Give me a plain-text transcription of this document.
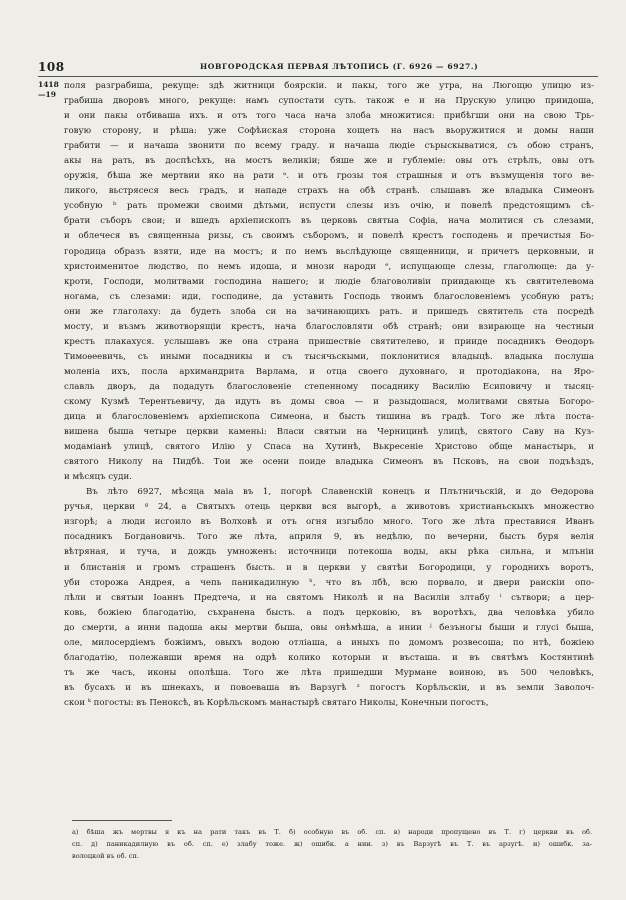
108	НОВГОРОДСКАЯ ПЕРВАЯ ЛѢТОПИСЬ (Г. 6926 — 6927.)
1418
—19
поля разграбиша, рекуще: здѣ житници боярскіи. и пакы, того же утра, на Люгощю улицю из-
грабиша дворовъ много, рекуще: намъ супостати суть. також е и на Прускую улицю приидоша,
и они пакы отбиваша ихъ. и отъ того часа нача злоба множитися: прибѣгши они на свою Трь-
говую сторону, и рѣша: уже Софѣиская сторона хощеть на насъ вьоружитися и домы наши
грабити — и начаша звонити по всему граду. и начаша людіе сърыскыватися, съ обою странъ,
акы на рать, въ доспѣсѣхъ, на мостъ великіи; бяше же и гублеміе: овы отъ стрѣлъ, овы отъ
оружія, бѣша же мертвии яко на рати ᵃ. и отъ грозы тоя страшныя и отъ възмущенія того ве-
ликого, вьстрясеся весь градъ, и нападе страхъ на обѣ странѣ. слышавъ же владыка Симеонъ
усобную ᵇ рать промежи своими дѣтьми, испусти слезы изъ очію, и повелѣ предстоящимъ сѣ-
брати съборъ свои; и вшедъ архіепископъ въ церковь святыа Софіа, нача молитися съ слезами,
и облечеся въ священныа ризы, съ своимъ съборомъ, и повелѣ крестъ господень и пречистыя Бо-
городица образъ взяти, иде на мостъ; и по немъ вьслѣдующе священници, и причетъ церковныи, и
христоименитое людство, по немъ идоша, и мнози народи ᵉ, испущающе слезы, глаголюще: да у-
кроти, Господи, молитвами господина нашего; и людіе благоволивіи приидающе къ святителевома
ногама, съ слезами: иди, господине, да уставить Господь твоимъ благословеніемъ усобную ратъ;
они же глаголаху: да будеть злоба си на зачинающихъ рать. и пришедъ святитель ста посредѣ
мосту, и възмъ животворящіи крестъ, нача благословляти обѣ странѣ; они взирающе на честныи
крестъ плакахуся. услышавъ же она страна пришествіе святителево, и прииде посадникъ Өеодоръ
Тимоѳеевичь, съ иными посадникы и съ тысячьскыми, поклонитися владыцѣ. владыка послуша
моленіа ихъ, посла архимандрита Варлама, и отца своего духовнаго, и протодіакона, на Яро-
славль дворъ, да подадуть благословеніе степенному посаднику Василію Есиповичу и тысяц-
скому Кузмѣ Терентьевичу, да идуть въ домы своа — и разыдошася, молитвами святыа Богоро-
дица и благословеніемъ архіепископа Симеона, и бысть тишина въ градѣ. Того же лѣта постa-
вишена быша четыре церкви каменьі: Власи святыи на Черницинѣ улицѣ, святого Саву на Куз-
модаміанѣ улицѣ, святого Илію у Спаса на Хутинѣ, Вькресеніе Христово обще манастырь, и
святого Николу на Пидбѣ. Тои же осени поиде владыка Симеонъ въ Псковъ, на свои подъѣздъ,
и мѣсяцъ суди.
Въ лѣто 6927, мѣсяца маіа въ 1, погорѣ Славенскій конецъ и Плътничьскій, и до Өедорова
ручья, церкви ᵍ 24, а Святыхъ отець церкви вся выгорѣ, а животовъ христианьскыхъ множество
изгорѣ; а люди исгоило въ Волховѣ и отъ огня изгыбло много. Того же лѣта преставися Иванъ
посадникъ Богдановичь. Того же лѣта, априля 9, въ недѣлю, по вечерни, бысть буря велія
вѣтряная, и туча, и дождь умноженъ: источници потекоша воды, акы рѣка сильна, и млъніи
и блистанія и громъ страшенъ бысть. и в церкви у святѣи Богородици, у городнихъ воротъ,
уби сторожа Андрея, а чепь паникадилную ʰ, что въ лбѣ, всю порвало, и двери раискіи опо-
лѣли и святыи Іоаннъ Предтеча, и на святомъ Николѣ и на Василіи злтабу ⁱ сътвори; а цер-
ковь, божіею благодатію, съхранена бысть. а подъ церковію, въ воротѣхъ, два человѣка убило
до смерти, а инни падоша акы мертви быша, овы онѣмѣша, а инии ʲ безъногы быши и глусі быша,
оле, милосердіемъ божіимъ, овыхъ водою отліаша, а иныхъ по домомъ розвесоша; по нтѣ, божіею
благодатію, полежавши время на одрѣ колико которыи и въсташа. и въ святѣмъ Костянтинѣ
тъ же часъ, иконы ополѣша. Того же лѣта пришедши Мурмане воиною, въ 500 человѣкъ,
въ бусахъ и въ шнекахъ, и повоеваша въ Варзугѣ ᶻ погостъ Корѣльскіи, и въ земли Заволоч-
скои ᵏ погосты: въ Пенокcѣ, въ Корѣльскомъ манастырѣ святаго Николы, Конечныи погостъ,
а) бѣша жъ мертвы я къ на рати такъ въ Т. б) особную въ об. сп. в) народи пропущено въ Т. г) церкви въ об.
сп. д) паникадилную въ об. сп. е) злабу тоже. ж) ошибк. а нии. з) въ Варзугѣ въ Т. въ арзугѣ. и) ошибк. за-
волоцкой въ об. сп.
